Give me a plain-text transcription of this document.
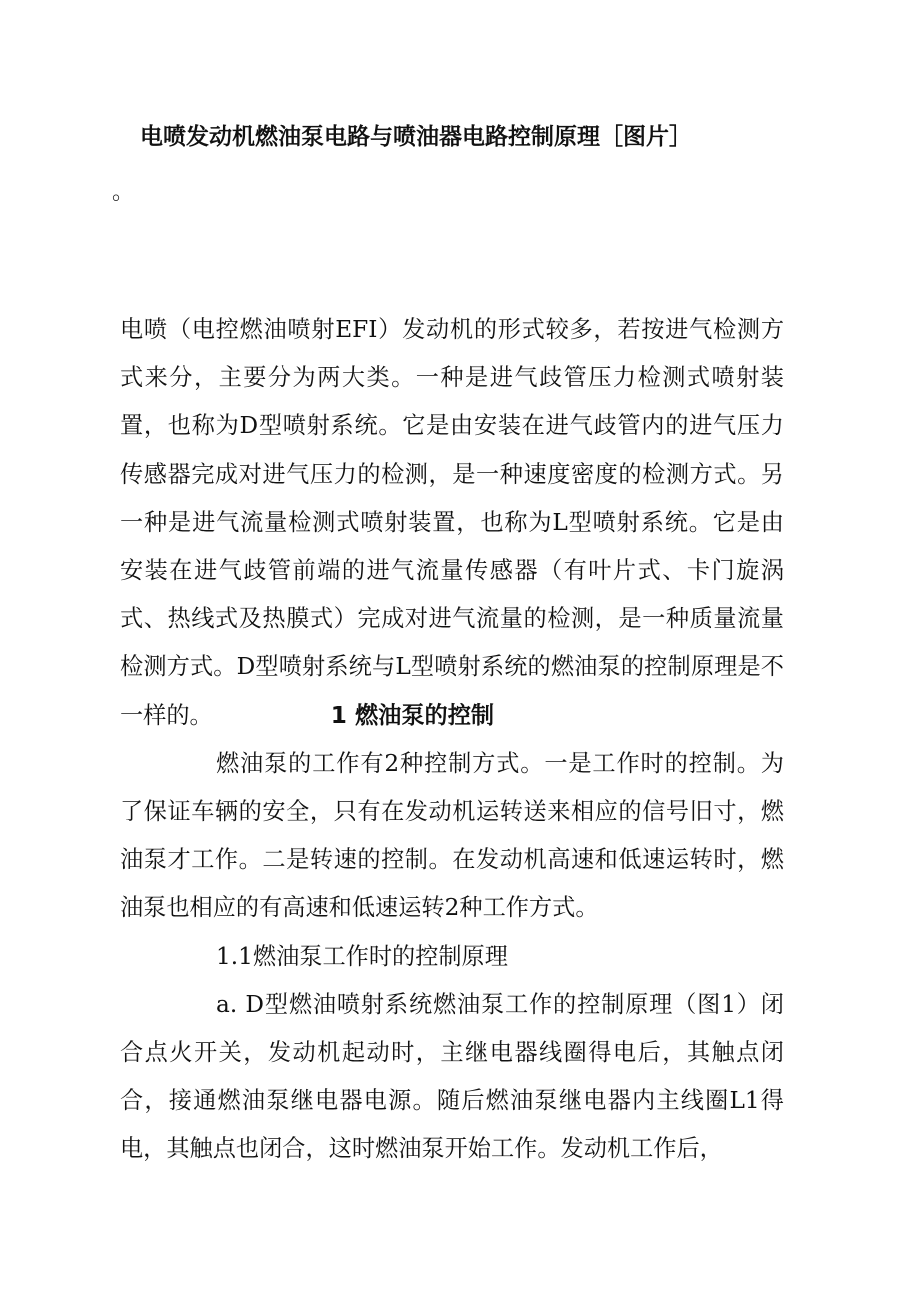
电喷发动机燃油泵电路与喷油器电路控制原理［图片］
。

电喷（电控燃油喷射EFI）发动机的形式较多，若按进气检测方式来分，主要分为两大类。一种是进气歧管压力检测式喷射装置，也称为D型喷射系统。它是由安装在进气歧管内的进气压力传感器完成对进气压力的检测，是一种速度密度的检测方式。另一种是进气流量检测式喷射装置，也称为L型喷射系统。它是由安装在进气歧管前端的进气流量传感器（有叶片式、卡门旋涡式、热线式及热膜式）完成对进气流量的检测，是一种质量流量检测方式。D型喷射系统与L型喷射系统的燃油泵的控制原理是不一样的。	1 燃油泵的控制

燃油泵的工作有2种控制方式。一是工作时的控制。为了保证车辆的安全，只有在发动机运转送来相应的信号旧寸，燃油泵才工作。二是转速的控制。在发动机高速和低速运转时，燃油泵也相应的有高速和低速运转2种工作方式。

1.1燃油泵工作时的控制原理

a. D型燃油喷射系统燃油泵工作的控制原理（图1）闭合点火开关，发动机起动时，主继电器线圈得电后，其触点闭合，接通燃油泵继电器电源。随后燃油泵继电器内主线圈L1得电，其触点也闭合，这时燃油泵开始工作。发动机工作后，
